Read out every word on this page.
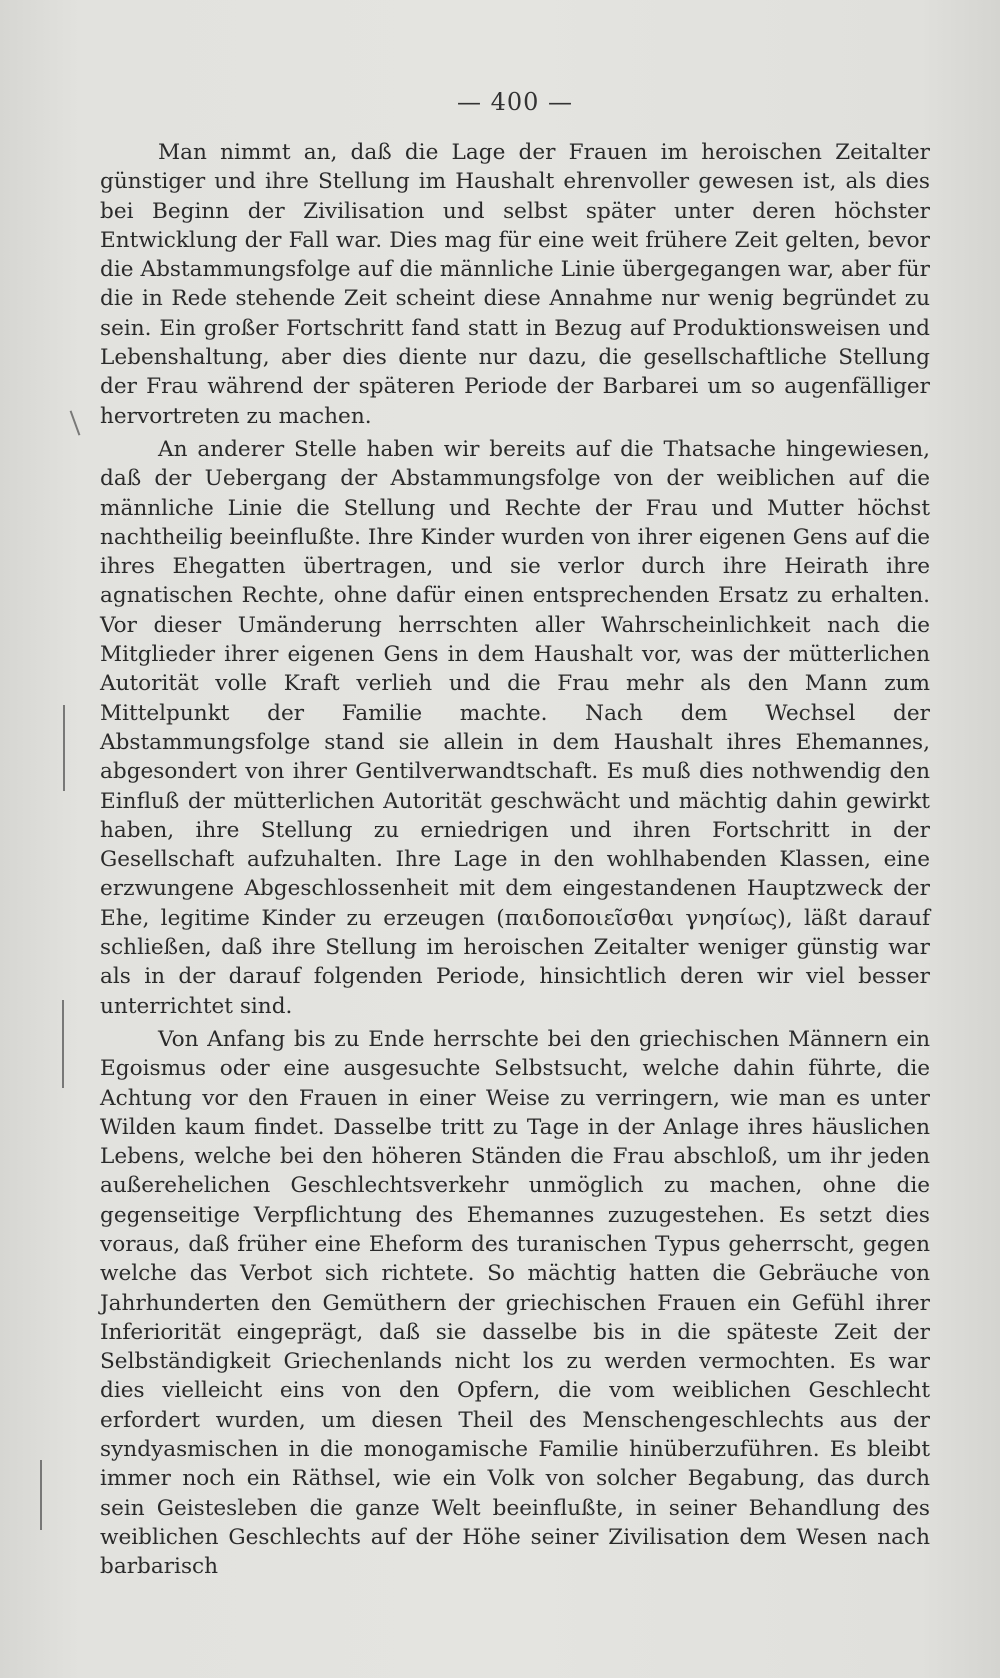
— 400 —

Man nimmt an, daß die Lage der Frauen im heroischen Zeitalter günstiger und ihre Stellung im Haushalt ehrenvoller gewesen ist, als dies bei Beginn der Zivilisation und selbst später unter deren höchster Entwicklung der Fall war. Dies mag für eine weit frühere Zeit gelten, bevor die Abstammungsfolge auf die männliche Linie übergegangen war, aber für die in Rede stehende Zeit scheint diese Annahme nur wenig begründet zu sein. Ein großer Fortschritt fand statt in Bezug auf Produktionsweisen und Lebenshaltung, aber dies diente nur dazu, die gesellschaftliche Stellung der Frau während der späteren Periode der Barbarei um so augenfälliger hervortreten zu machen.

An anderer Stelle haben wir bereits auf die Thatsache hingewiesen, daß der Uebergang der Abstammungsfolge von der weiblichen auf die männliche Linie die Stellung und Rechte der Frau und Mutter höchst nachtheilig beeinflußte. Ihre Kinder wurden von ihrer eigenen Gens auf die ihres Ehegatten übertragen, und sie verlor durch ihre Heirath ihre agnatischen Rechte, ohne dafür einen entsprechenden Ersatz zu erhalten. Vor dieser Umänderung herrschten aller Wahrscheinlichkeit nach die Mitglieder ihrer eigenen Gens in dem Haushalt vor, was der mütterlichen Autorität volle Kraft verlieh und die Frau mehr als den Mann zum Mittelpunkt der Familie machte. Nach dem Wechsel der Abstammungsfolge stand sie allein in dem Haushalt ihres Ehemannes, abgesondert von ihrer Gentilverwandtschaft. Es muß dies nothwendig den Einfluß der mütterlichen Autorität geschwächt und mächtig dahin gewirkt haben, ihre Stellung zu erniedrigen und ihren Fortschritt in der Gesellschaft aufzuhalten. Ihre Lage in den wohlhabenden Klassen, eine erzwungene Abgeschlossenheit mit dem eingestandenen Hauptzweck der Ehe, legitime Kinder zu erzeugen (παιδοποιεῖσθαι γνησίως), läßt darauf schließen, daß ihre Stellung im heroischen Zeitalter weniger günstig war als in der darauf folgenden Periode, hinsichtlich deren wir viel besser unterrichtet sind.

Von Anfang bis zu Ende herrschte bei den griechischen Männern ein Egoismus oder eine ausgesuchte Selbstsucht, welche dahin führte, die Achtung vor den Frauen in einer Weise zu verringern, wie man es unter Wilden kaum findet. Dasselbe tritt zu Tage in der Anlage ihres häuslichen Lebens, welche bei den höheren Ständen die Frau abschloß, um ihr jeden außerehelichen Geschlechtsverkehr unmöglich zu machen, ohne die gegenseitige Verpflichtung des Ehemannes zuzugestehen. Es setzt dies voraus, daß früher eine Eheform des turanischen Typus geherrscht, gegen welche das Verbot sich richtete. So mächtig hatten die Gebräuche von Jahrhunderten den Gemüthern der griechischen Frauen ein Gefühl ihrer Inferiorität eingeprägt, daß sie dasselbe bis in die späteste Zeit der Selbständigkeit Griechenlands nicht los zu werden vermochten. Es war dies vielleicht eins von den Opfern, die vom weiblichen Geschlecht erfordert wurden, um diesen Theil des Menschengeschlechts aus der syndyasmischen in die monogamische Familie hinüberzuführen. Es bleibt immer noch ein Räthsel, wie ein Volk von solcher Begabung, das durch sein Geistesleben die ganze Welt beeinflußte, in seiner Behandlung des weiblichen Geschlechts auf der Höhe seiner Zivilisation dem Wesen nach barbarisch
